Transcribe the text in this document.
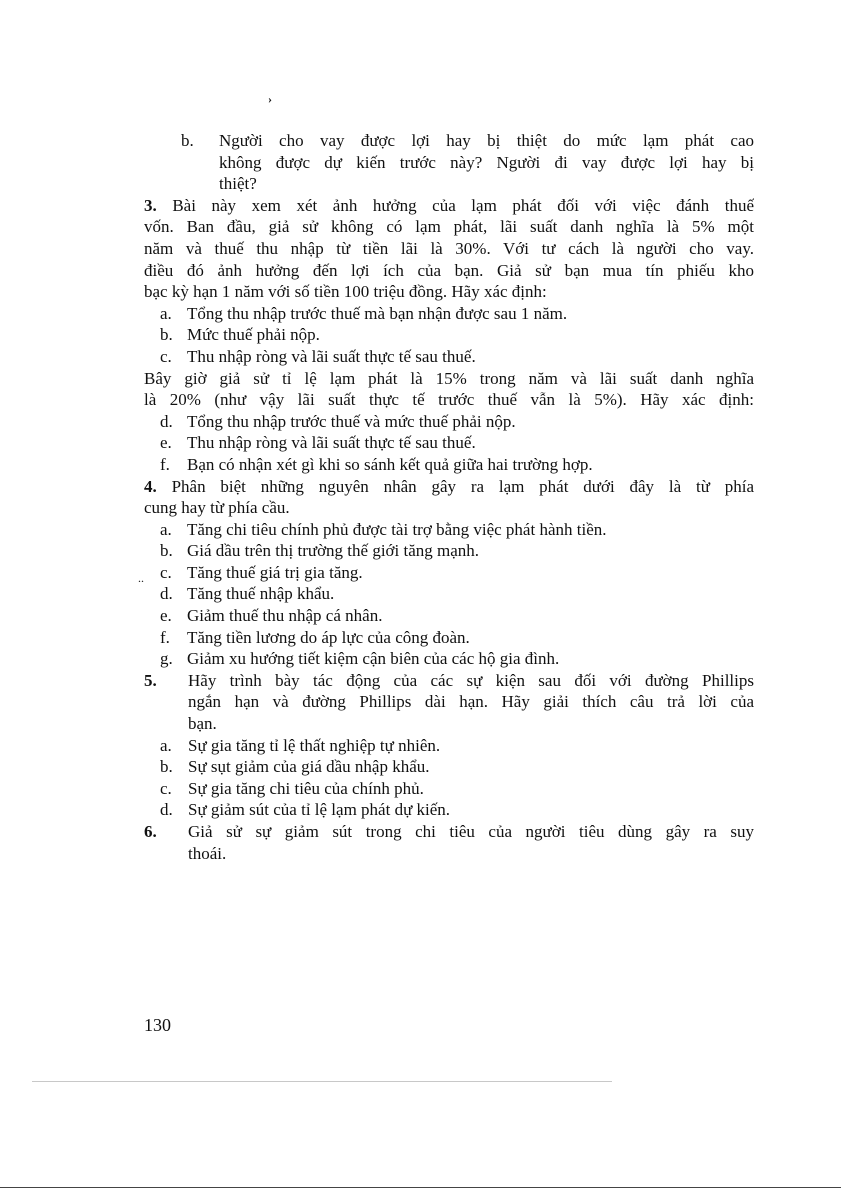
›
..
b. Người cho vay được lợi hay bị thiệt do mức lạm phát cao
không được dự kiến trước này? Người đi vay được lợi hay bị
thiệt?
3. Bài này xem xét ảnh hưởng của lạm phát đối với việc đánh thuế
vốn. Ban đầu, giả sử không có lạm phát, lãi suất danh nghĩa là 5% một
năm và thuế thu nhập từ tiền lãi là 30%. Với tư cách là người cho vay.
điều đó ảnh hưởng đến lợi ích của bạn. Giả sử bạn mua tín phiếu kho
bạc kỳ hạn 1 năm với số tiền 100 triệu đồng. Hãy xác định:
a. Tổng thu nhập trước thuế mà bạn nhận được sau 1 năm.
b. Mức thuế phải nộp.
c. Thu nhập ròng và lãi suất thực tế sau thuế.
Bây giờ giả sử tỉ lệ lạm phát là 15% trong năm và lãi suất danh nghĩa
là 20% (như vậy lãi suất thực tế trước thuế vẫn là 5%). Hãy xác định:
d. Tổng thu nhập trước thuế và mức thuế phải nộp.
e. Thu nhập ròng và lãi suất thực tế sau thuế.
f. Bạn có nhận xét gì khi so sánh kết quả giữa hai trường hợp.
4. Phân biệt những nguyên nhân gây ra lạm phát dưới đây là từ phía
cung hay từ phía cầu.
a. Tăng chi tiêu chính phủ được tài trợ bằng việc phát hành tiền.
b. Giá dầu trên thị trường thế giới tăng mạnh.
c. Tăng thuế giá trị gia tăng.
d. Tăng thuế nhập khẩu.
e. Giảm thuế thu nhập cá nhân.
f. Tăng tiền lương do áp lực của công đoàn.
g. Giảm xu hướng tiết kiệm cận biên của các hộ gia đình.
5. Hãy trình bày tác động của các sự kiện sau đối với đường Phillips
ngắn hạn và đường Phillips dài hạn. Hãy giải thích câu trả lời của
bạn.
a. Sự gia tăng tỉ lệ thất nghiệp tự nhiên.
b. Sự sụt giảm của giá dầu nhập khẩu.
c. Sự gia tăng chi tiêu của chính phủ.
d. Sự giảm sút của tỉ lệ lạm phát dự kiến.
6. Giả sử sự giảm sút trong chi tiêu của người tiêu dùng gây ra suy
thoái.
130
